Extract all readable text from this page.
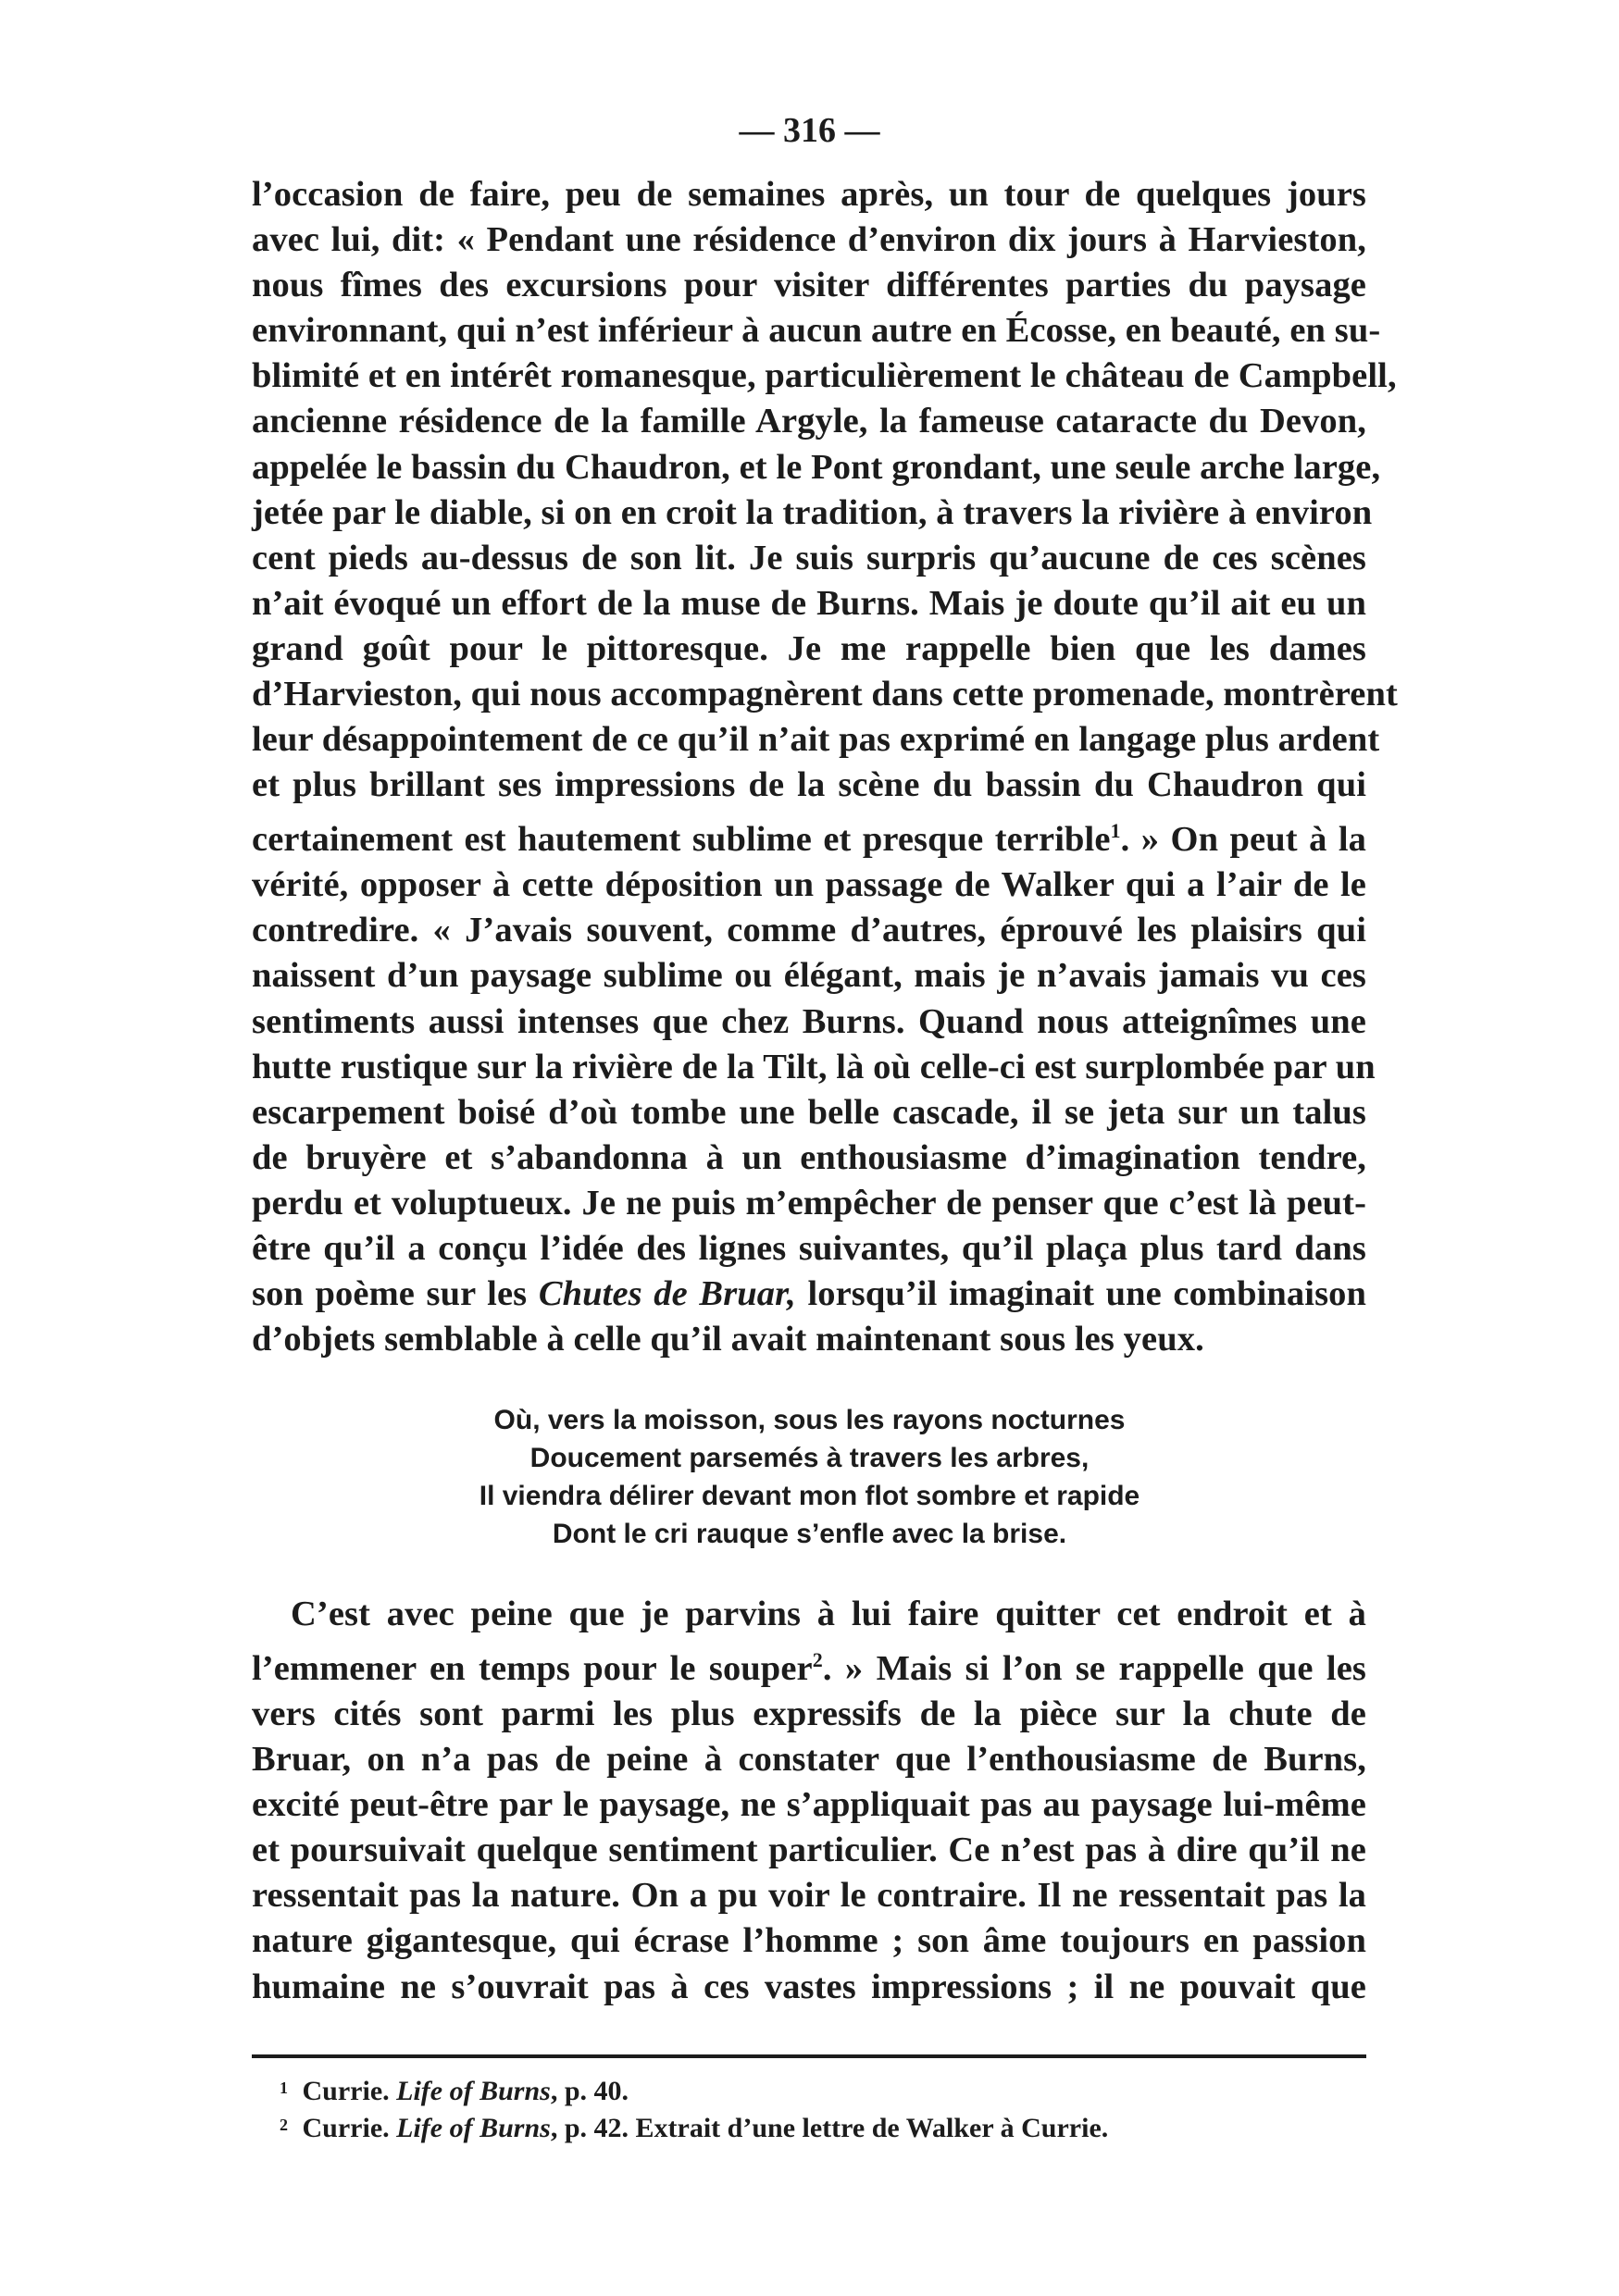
— 316 —

l’occasion de faire, peu de semaines après, un tour de quelques jours
avec lui, dit: « Pendant une résidence d’environ dix jours à Harvieston,
nous fîmes des excursions pour visiter différentes parties du paysage
environnant, qui n’est inférieur à aucun autre en Écosse, en beauté, en su-
blimité et en intérêt romanesque, particulièrement le château de Campbell,
ancienne résidence de la famille Argyle, la fameuse cataracte du Devon,
appelée le bassin du Chaudron, et le Pont grondant, une seule arche large,
jetée par le diable, si on en croit la tradition, à travers la rivière à environ
cent pieds au-dessus de son lit. Je suis surpris qu’aucune de ces scènes
n’ait évoqué un effort de la muse de Burns. Mais je doute qu’il ait eu un
grand goût pour le pittoresque. Je me rappelle bien que les dames
d’Harvieston, qui nous accompagnèrent dans cette promenade, montrèrent
leur désappointement de ce qu’il n’ait pas exprimé en langage plus ardent
et plus brillant ses impressions de la scène du bassin du Chaudron qui
certainement est hautement sublime et presque terrible$^1$. » On peut à la
vérité, opposer à cette déposition un passage de Walker qui a l’air de le
contredire. « J’avais souvent, comme d’autres, éprouvé les plaisirs qui
naissent d’un paysage sublime ou élégant, mais je n’avais jamais vu ces
sentiments aussi intenses que chez Burns. Quand nous atteignîmes une
hutte rustique sur la rivière de la Tilt, là où celle-ci est surplombée par un
escarpement boisé d’où tombe une belle cascade, il se jeta sur un talus
de bruyère et s’abandonna à un enthousiasme d’imagination tendre,
perdu et voluptueux. Je ne puis m’empêcher de penser que c’est là peut-
être qu’il a conçu l’idée des lignes suivantes, qu’il plaça plus tard dans
son poème sur les Chutes de Bruar, lorsqu’il imaginait une combinaison
d’objets semblable à celle qu’il avait maintenant sous les yeux.

Où, vers la moisson, sous les rayons nocturnes
Doucement parsemés à travers les arbres,
Il viendra délirer devant mon flot sombre et rapide
Dont le cri rauque s’enfle avec la brise.

C’est avec peine que je parvins à lui faire quitter cet endroit et à
l’emmener en temps pour le souper$^2$. » Mais si l’on se rappelle que les
vers cités sont parmi les plus expressifs de la pièce sur la chute de
Bruar, on n’a pas de peine à constater que l’enthousiasme de Burns,
excité peut-être par le paysage, ne s’appliquait pas au paysage lui-même
et poursuivait quelque sentiment particulier. Ce n’est pas à dire qu’il ne
ressentait pas la nature. On a pu voir le contraire. Il ne ressentait pas la
nature gigantesque, qui écrase l’homme ; son âme toujours en passion
humaine ne s’ouvrait pas à ces vastes impressions ; il ne pouvait que

$^1$ Currie. Life of Burns, p. 40.
$^2$ Currie. Life of Burns, p. 42. Extrait d’une lettre de Walker à Currie.
